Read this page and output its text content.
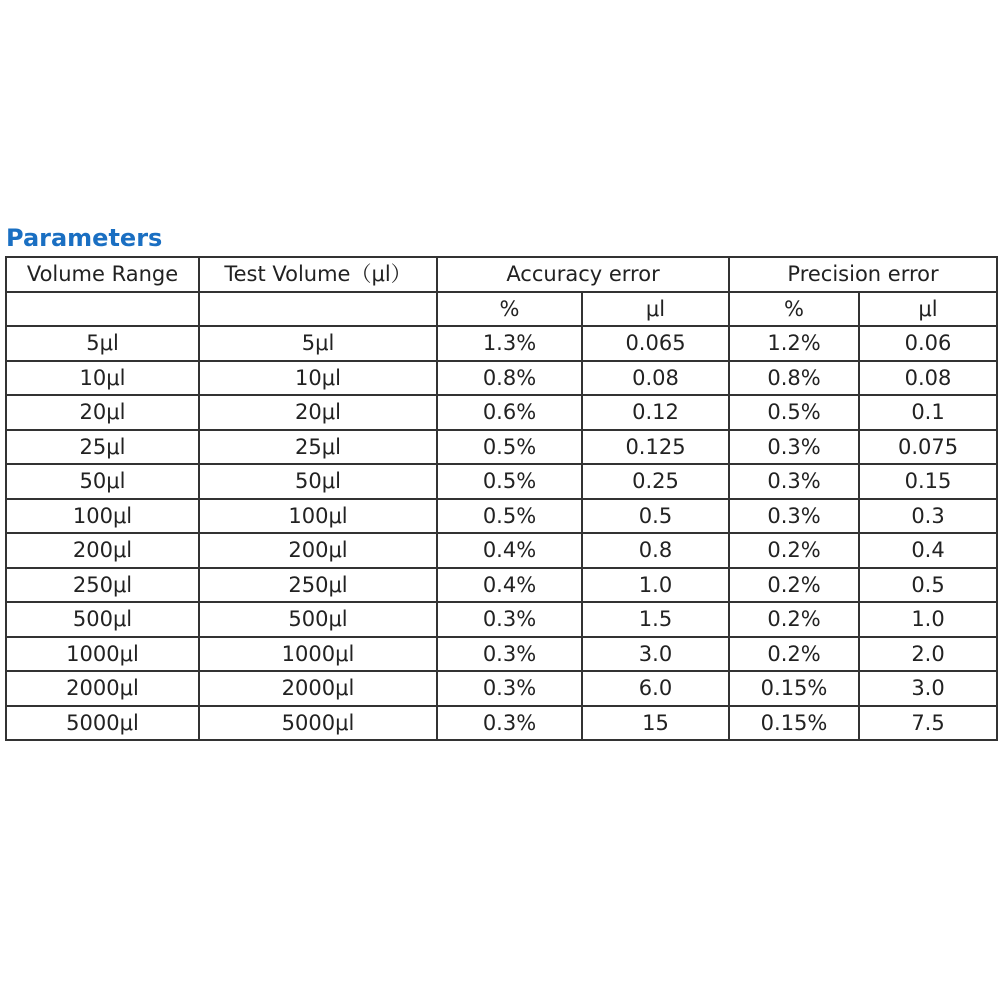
Parameters
Volume Range	Test Volume（μl）	Accuracy error		Precision error	
		%	μl	%	μl
5μl	5μl	1.3%	0.065	1.2%	0.06
10μl	10μl	0.8%	0.08	0.8%	0.08
20μl	20μl	0.6%	0.12	0.5%	0.1
25μl	25μl	0.5%	0.125	0.3%	0.075
50μl	50μl	0.5%	0.25	0.3%	0.15
100μl	100μl	0.5%	0.5	0.3%	0.3
200μl	200μl	0.4%	0.8	0.2%	0.4
250μl	250μl	0.4%	1.0	0.2%	0.5
500μl	500μl	0.3%	1.5	0.2%	1.0
1000μl	1000μl	0.3%	3.0	0.2%	2.0
2000μl	2000μl	0.3%	6.0	0.15%	3.0
5000μl	5000μl	0.3%	15	0.15%	7.5
